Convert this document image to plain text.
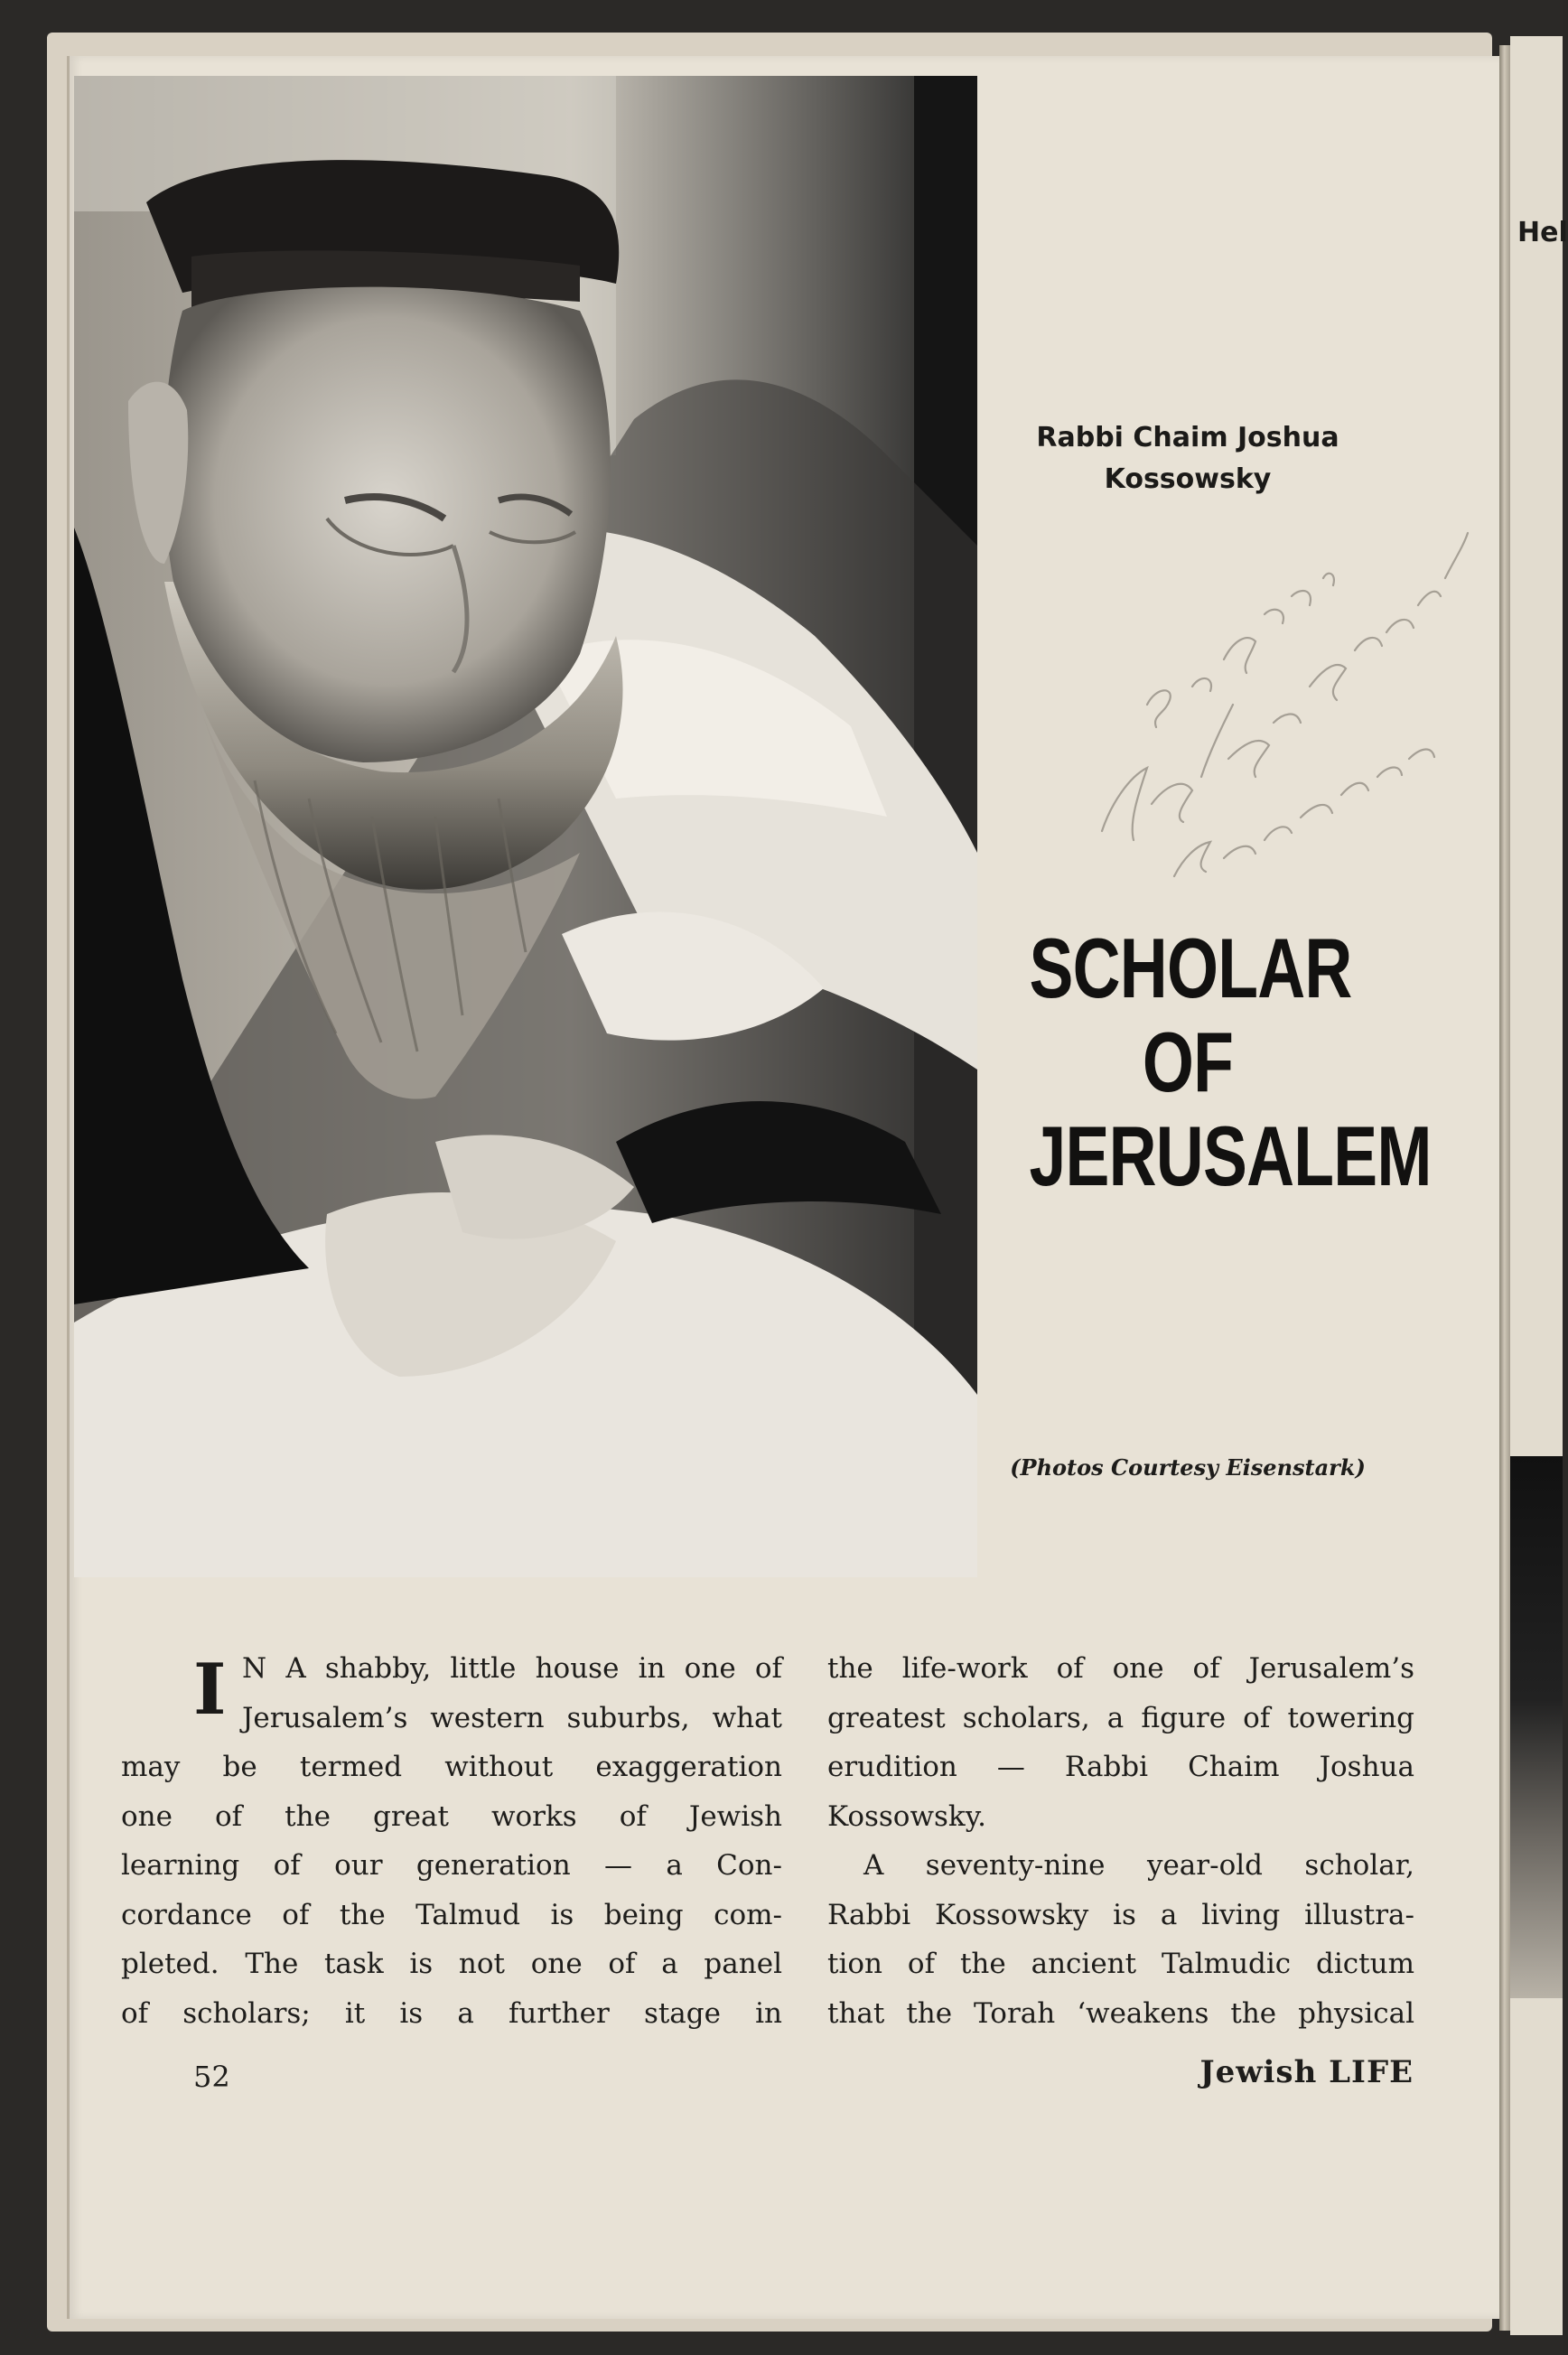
Hel
Rabbi Chaim Joshua
Kossowsky
SCHOLAR
OF
JERUSALEM
(Photos Courtesy Eisenstark)
I N A shabby, little house in one of
Jerusalem’s western suburbs, what
may be termed without exaggeration
one of the great works of Jewish
learning of our generation — a Con-
cordance of the Talmud is being com-
pleted. The task is not one of a panel
of scholars; it is a further stage in
the life-work of one of Jerusalem’s
greatest scholars, a figure of towering
erudition — Rabbi Chaim Joshua
Kossowsky.
A seventy-nine year-old scholar,
Rabbi Kossowsky is a living illustra-
tion of the ancient Talmudic dictum
that the Torah ‘weakens the physical
52	Jewish LIFE
